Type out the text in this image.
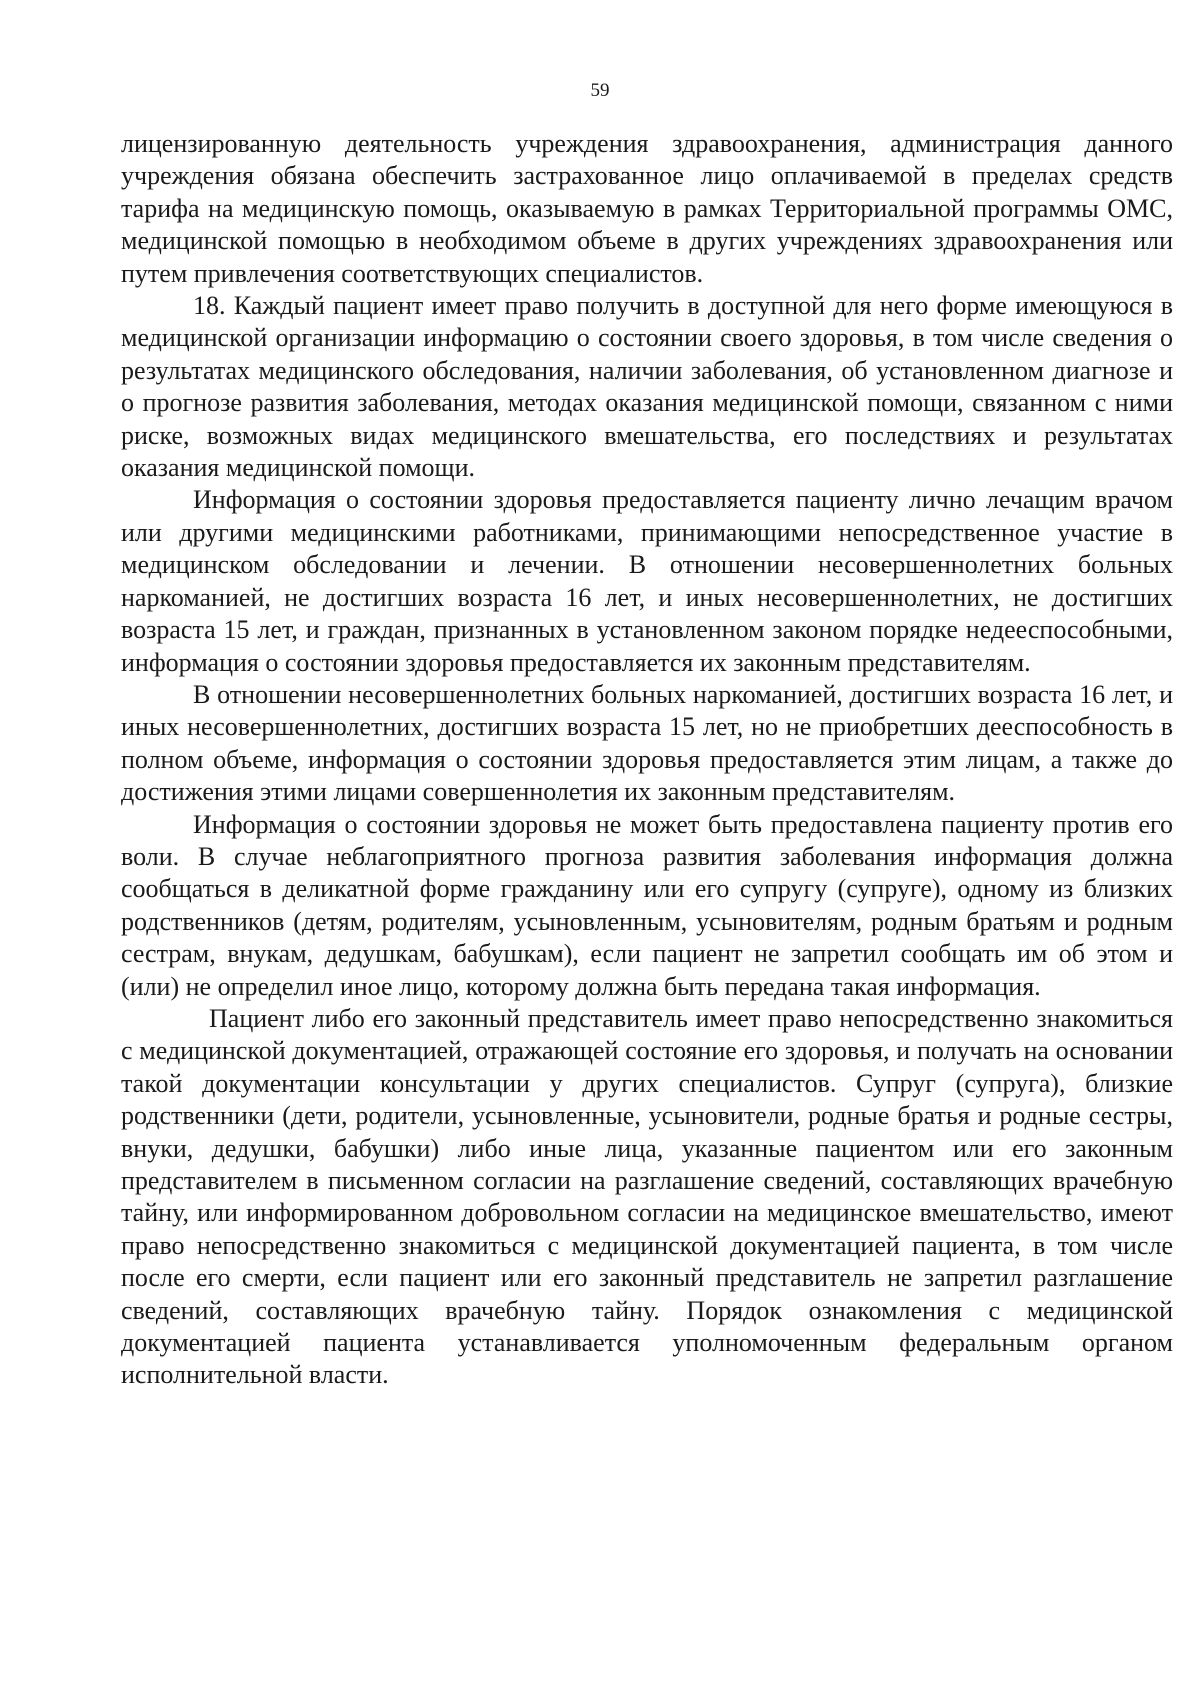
59

лицензированную деятельность учреждения здравоохранения, администрация данного учреждения обязана обеспечить застрахованное лицо оплачиваемой в пределах средств тарифа на медицинскую помощь, оказываемую в рамках Территориальной программы ОМС, медицинской помощью в необходимом объеме в других учреждениях здравоохранения или путем привлечения соответствующих специалистов.

18. Каждый пациент имеет право получить в доступной для него форме имеющуюся в медицинской организации информацию о состоянии своего здоровья, в том числе сведения о результатах медицинского обследования, наличии заболевания, об установленном диагнозе и о прогнозе развития заболевания, методах оказания медицинской помощи, связанном с ними риске, возможных видах медицинского вмешательства, его последствиях и результатах оказания медицинской помощи.

Информация о состоянии здоровья предоставляется пациенту лично лечащим врачом или другими медицинскими работниками, принимающими непосредственное участие в медицинском обследовании и лечении. В отношении несовершеннолетних больных наркоманией, не достигших возраста 16 лет, и иных несовершеннолетних, не достигших возраста 15 лет, и граждан, признанных в установленном законом порядке недееспособными, информация о состоянии здоровья предоставляется их законным представителям.

В отношении несовершеннолетних больных наркоманией, достигших возраста 16 лет, и иных несовершеннолетних, достигших возраста 15 лет, но не приобретших дееспособность в полном объеме, информация о состоянии здоровья предоставляется этим лицам, а также до достижения этими лицами совершеннолетия их законным представителям.

Информация о состоянии здоровья не может быть предоставлена пациенту против его воли. В случае неблагоприятного прогноза развития заболевания информация должна сообщаться в деликатной форме гражданину или его супругу (супруге), одному из близких родственников (детям, родителям, усыновленным, усыновителям, родным братьям и родным сестрам, внукам, дедушкам, бабушкам), если пациент не запретил сообщать им об этом и (или) не определил иное лицо, которому должна быть передана такая информация.

Пациент либо его законный представитель имеет право непосредственно знакомиться с медицинской документацией, отражающей состояние его здоровья, и получать на основании такой документации консультации у других специалистов. Супруг (супруга), близкие родственники (дети, родители, усыновленные, усыновители, родные братья и родные сестры, внуки, дедушки, бабушки) либо иные лица, указанные пациентом или его законным представителем в письменном согласии на разглашение сведений, составляющих врачебную тайну, или информированном добровольном согласии на медицинское вмешательство, имеют право непосредственно знакомиться с медицинской документацией пациента, в том числе после его смерти, если пациент или его законный представитель не запретил разглашение сведений, составляющих врачебную тайну. Порядок ознакомления с медицинской документацией пациента устанавливается уполномоченным федеральным органом исполнительной власти.
